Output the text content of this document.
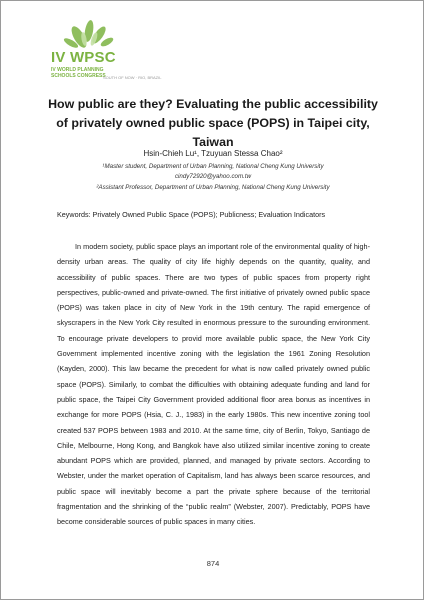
IV WPSC
IV WORLD PLANNING
SCHOOLS CONGRESS
SOUTH OF NOW · RIO, BRAZIL
How public are they? Evaluating the public accessibility of privately owned public space (POPS) in Taipei city, Taiwan
Hsin-Chieh Lu¹, Tzuyuan Stessa Chao²
¹Master student, Department of Urban Planning, National Cheng Kung University
cindy72920@yahoo.com.tw
²Assistant Professor, Department of Urban Planning, National Cheng Kung University
Keywords: Privately Owned Public Space (POPS); Publicness; Evaluation Indicators

In modern society, public space plays an important role of the environmental quality of high-density urban areas. The quality of city life highly depends on the quantity, quality, and accessibility of public spaces. There are two types of public spaces from property right perspectives, public-owned and private-owned. The first initiative of privately owned public space (POPS) was taken place in city of New York in the 19th century. The rapid emergence of skyscrapers in the New York City resulted in enormous pressure to the surounding environment. To encourage private developers to provid more available public space, the New York City Government implemented incentive zoning with the legislation the 1961 Zoning Resolution (Kayden, 2000). This law became the precedent for what is now called privately owned public space (POPS). Similarly, to combat the difficulties with obtaining adequate funding and land for public space, the Taipei City Government provided additional floor area bonus as incentives in exchange for more POPS (Hsia, C. J., 1983) in the early 1980s. This new incentive zoning tool created 537 POPS between 1983 and 2010. At the same time, city of Berlin, Tokyo, Santiago de Chile, Melbourne, Hong Kong, and Bangkok have also utilized similar incentive zoning to create abundant POPS which are provided, planned, and managed by private sectors. According to Webster, under the market operation of Capitalism, land has always been scarce resources, and public space will inevitably become a part the private sphere because of the territorial fragmentation and the shrinking of the “public realm” (Webster, 2007). Predictably, POPS have become considerable sources of public spaces in many cities.

874
